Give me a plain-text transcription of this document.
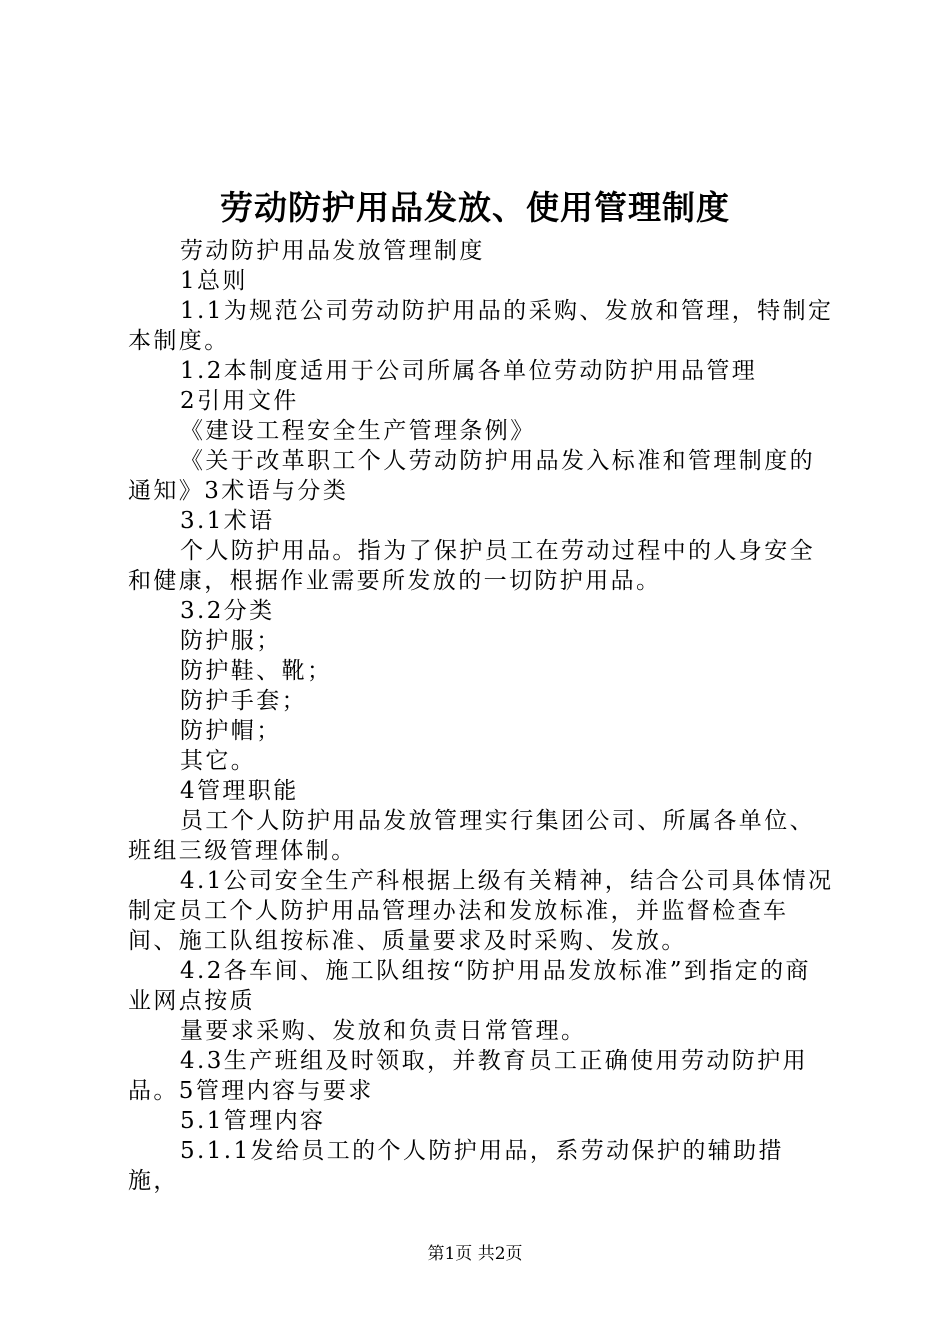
劳动防护用品发放、使用管理制度

劳动防护用品发放管理制度

1总则

1.1为规范公司劳动防护用品的采购、发放和管理，特制定本制度。

1.2本制度适用于公司所属各单位劳动防护用品管理

2引用文件

《建设工程安全生产管理条例》

《关于改革职工个人劳动防护用品发入标准和管理制度的通知》3术语与分类

3.1术语

个人防护用品。指为了保护员工在劳动过程中的人身安全和健康，根据作业需要所发放的一切防护用品。

3.2分类

防护服；

防护鞋、靴；

防护手套；

防护帽；

其它。

4管理职能

员工个人防护用品发放管理实行集团公司、所属各单位、班组三级管理体制。

4.1公司安全生产科根据上级有关精神，结合公司具体情况制定员工个人防护用品管理办法和发放标准，并监督检查车间、施工队组按标准、质量要求及时采购、发放。

4.2各车间、施工队组按“防护用品发放标准”到指定的商业网点按质

量要求采购、发放和负责日常管理。

4.3生产班组及时领取，并教育员工正确使用劳动防护用品。5管理内容与要求

5.1管理内容

5.1.1发给员工的个人防护用品，系劳动保护的辅助措施，

第1页 共2页
